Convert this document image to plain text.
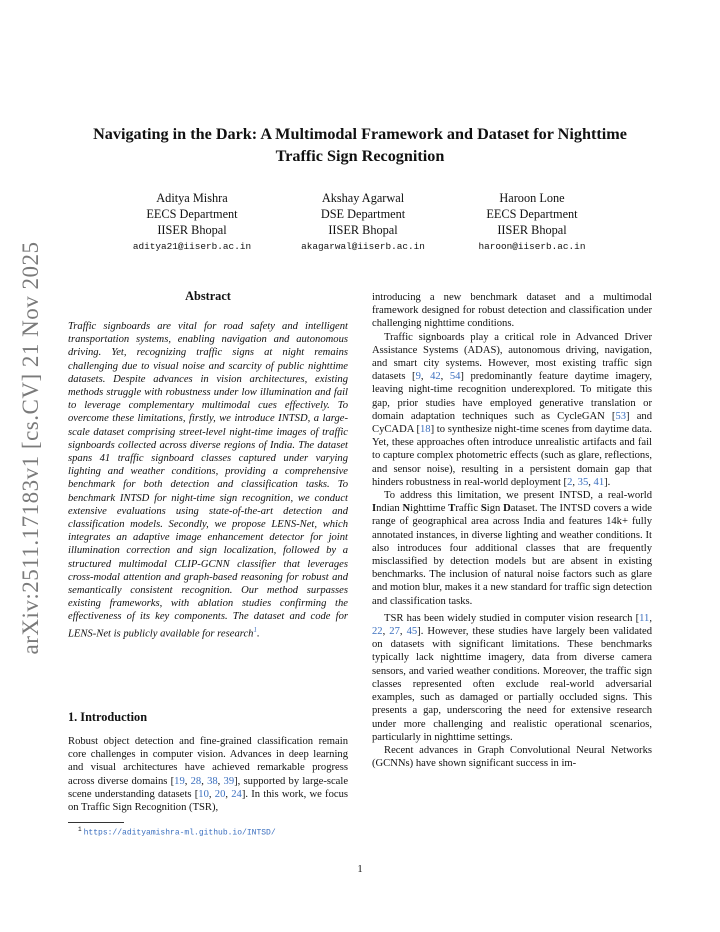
arXiv:2511.17183v1 [cs.CV] 21 Nov 2025
Navigating in the Dark: A Multimodal Framework and Dataset for Nighttime Traffic Sign Recognition
Aditya Mishra
EECS Department
IISER Bhopal
aditya21@iiserb.ac.in
Akshay Agarwal
DSE Department
IISER Bhopal
akagarwal@iiserb.ac.in
Haroon Lone
EECS Department
IISER Bhopal
haroon@iiserb.ac.in
Abstract
Traffic signboards are vital for road safety and intelligent transportation systems, enabling navigation and autonomous driving. Yet, recognizing traffic signs at night remains challenging due to visual noise and scarcity of public nighttime datasets. Despite advances in vision architectures, existing methods struggle with robustness under low illumination and fail to leverage complementary multimodal cues effectively. To overcome these limitations, firstly, we introduce INTSD, a large-scale dataset comprising street-level night-time images of traffic signboards collected across diverse regions of India. The dataset spans 41 traffic signboard classes captured under varying lighting and weather conditions, providing a comprehensive benchmark for both detection and classification tasks. To benchmark INTSD for night-time sign recognition, we conduct extensive evaluations using state-of-the-art detection and classification models. Secondly, we propose LENS-Net, which integrates an adaptive image enhancement detector for joint illumination correction and sign localization, followed by a structured multimodal CLIP-GCNN classifier that leverages cross-modal attention and graph-based reasoning for robust and semantically consistent recognition. Our method surpasses existing frameworks, with ablation studies confirming the effectiveness of its key components. The dataset and code for LENS-Net is publicly available for research$^1$.
1. Introduction
Robust object detection and fine-grained classification remain core challenges in computer vision. Advances in deep learning and visual architectures have achieved remarkable progress across diverse domains [19, 28, 38, 39], supported by large-scale scene understanding datasets [10, 20, 24]. In this work, we focus on Traffic Sign Recognition (TSR),
$^1$ https://adityamishra-ml.github.io/INTSD/

introducing a new benchmark dataset and a multimodal framework designed for robust detection and classification under challenging nighttime conditions.

Traffic signboards play a critical role in Advanced Driver Assistance Systems (ADAS), autonomous driving, navigation, and smart city systems. However, most existing traffic sign datasets [9, 42, 54] predominantly feature daytime imagery, leaving night-time recognition underexplored. To mitigate this gap, prior studies have employed generative translation or domain adaptation techniques such as CycleGAN [53] and CyCADA [18] to synthesize night-time scenes from daytime data. Yet, these approaches often introduce unrealistic artifacts and fail to capture complex photometric effects (such as glare, reflections, and sensor noise), resulting in a persistent domain gap that hinders robustness in real-world deployment [2, 35, 41].

To address this limitation, we present INTSD, a real-world Indian Nighttime Traffic Sign Dataset. The INTSD covers a wide range of geographical area across India and features 14k+ fully annotated instances, in diverse lighting and weather conditions. It also introduces four additional classes that are frequently misclassified by detection models but are absent in existing benchmarks. The inclusion of natural noise factors such as glare and motion blur, makes it a new standard for traffic sign detection and classification tasks.

TSR has been widely studied in computer vision research [11, 22, 27, 45]. However, these studies have largely been validated on datasets with significant limitations. These benchmarks typically lack nighttime imagery, data from diverse camera sensors, and varied weather conditions. Moreover, the traffic sign classes represented often exclude real-world adversarial examples, such as damaged or partially occluded signs. This presents a gap, underscoring the need for extensive research under more challenging and realistic operational scenarios, particularly in nighttime settings.

Recent advances in Graph Convolutional Neural Networks (GCNNs) have shown significant success in im-

1
